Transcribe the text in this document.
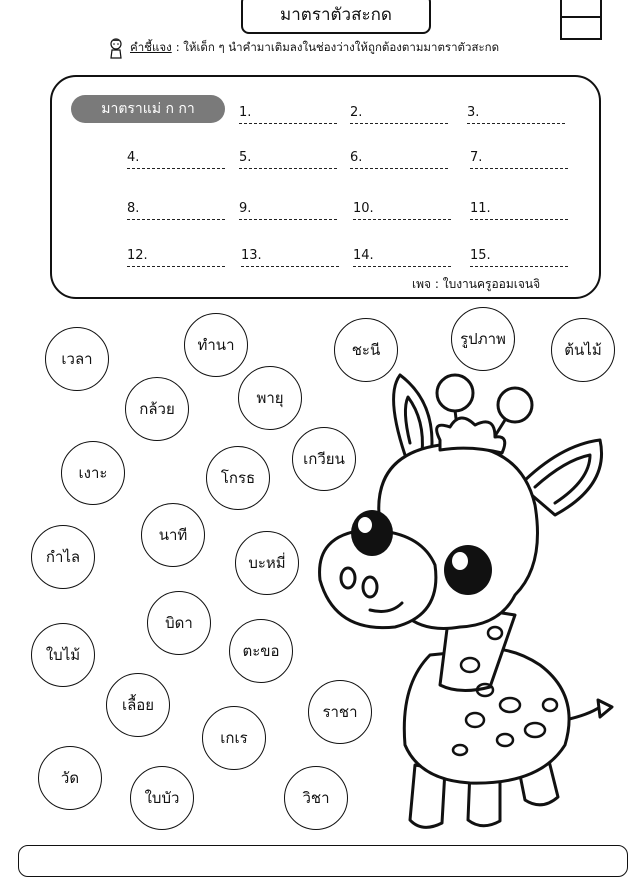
มาตราตัวสะกด
คำชี้แจง : ให้เด็ก ๆ นำคำมาเติมลงในช่องว่างให้ถูกต้องตามมาตราตัวสะกด
มาตราแม่ ก กา	1.	2.	3.
4.	5.	6.	7.
8.	9.	10.	11.
12.	13.	14.	15.
เพจ : ใบงานครูออมเจนจิ
เวลา
ทำนา	ชะนี
รูปภาพ
ต้นไม้
กล้วย
พายุ
เงาะ	โกรธ
เกวียน
นาที
กำไล	บะหมี่
บิดา
ใบไม้	ตะขอ
เลื้อย	ราชา
เกเร
วัด
ใบบัว	วิชา
